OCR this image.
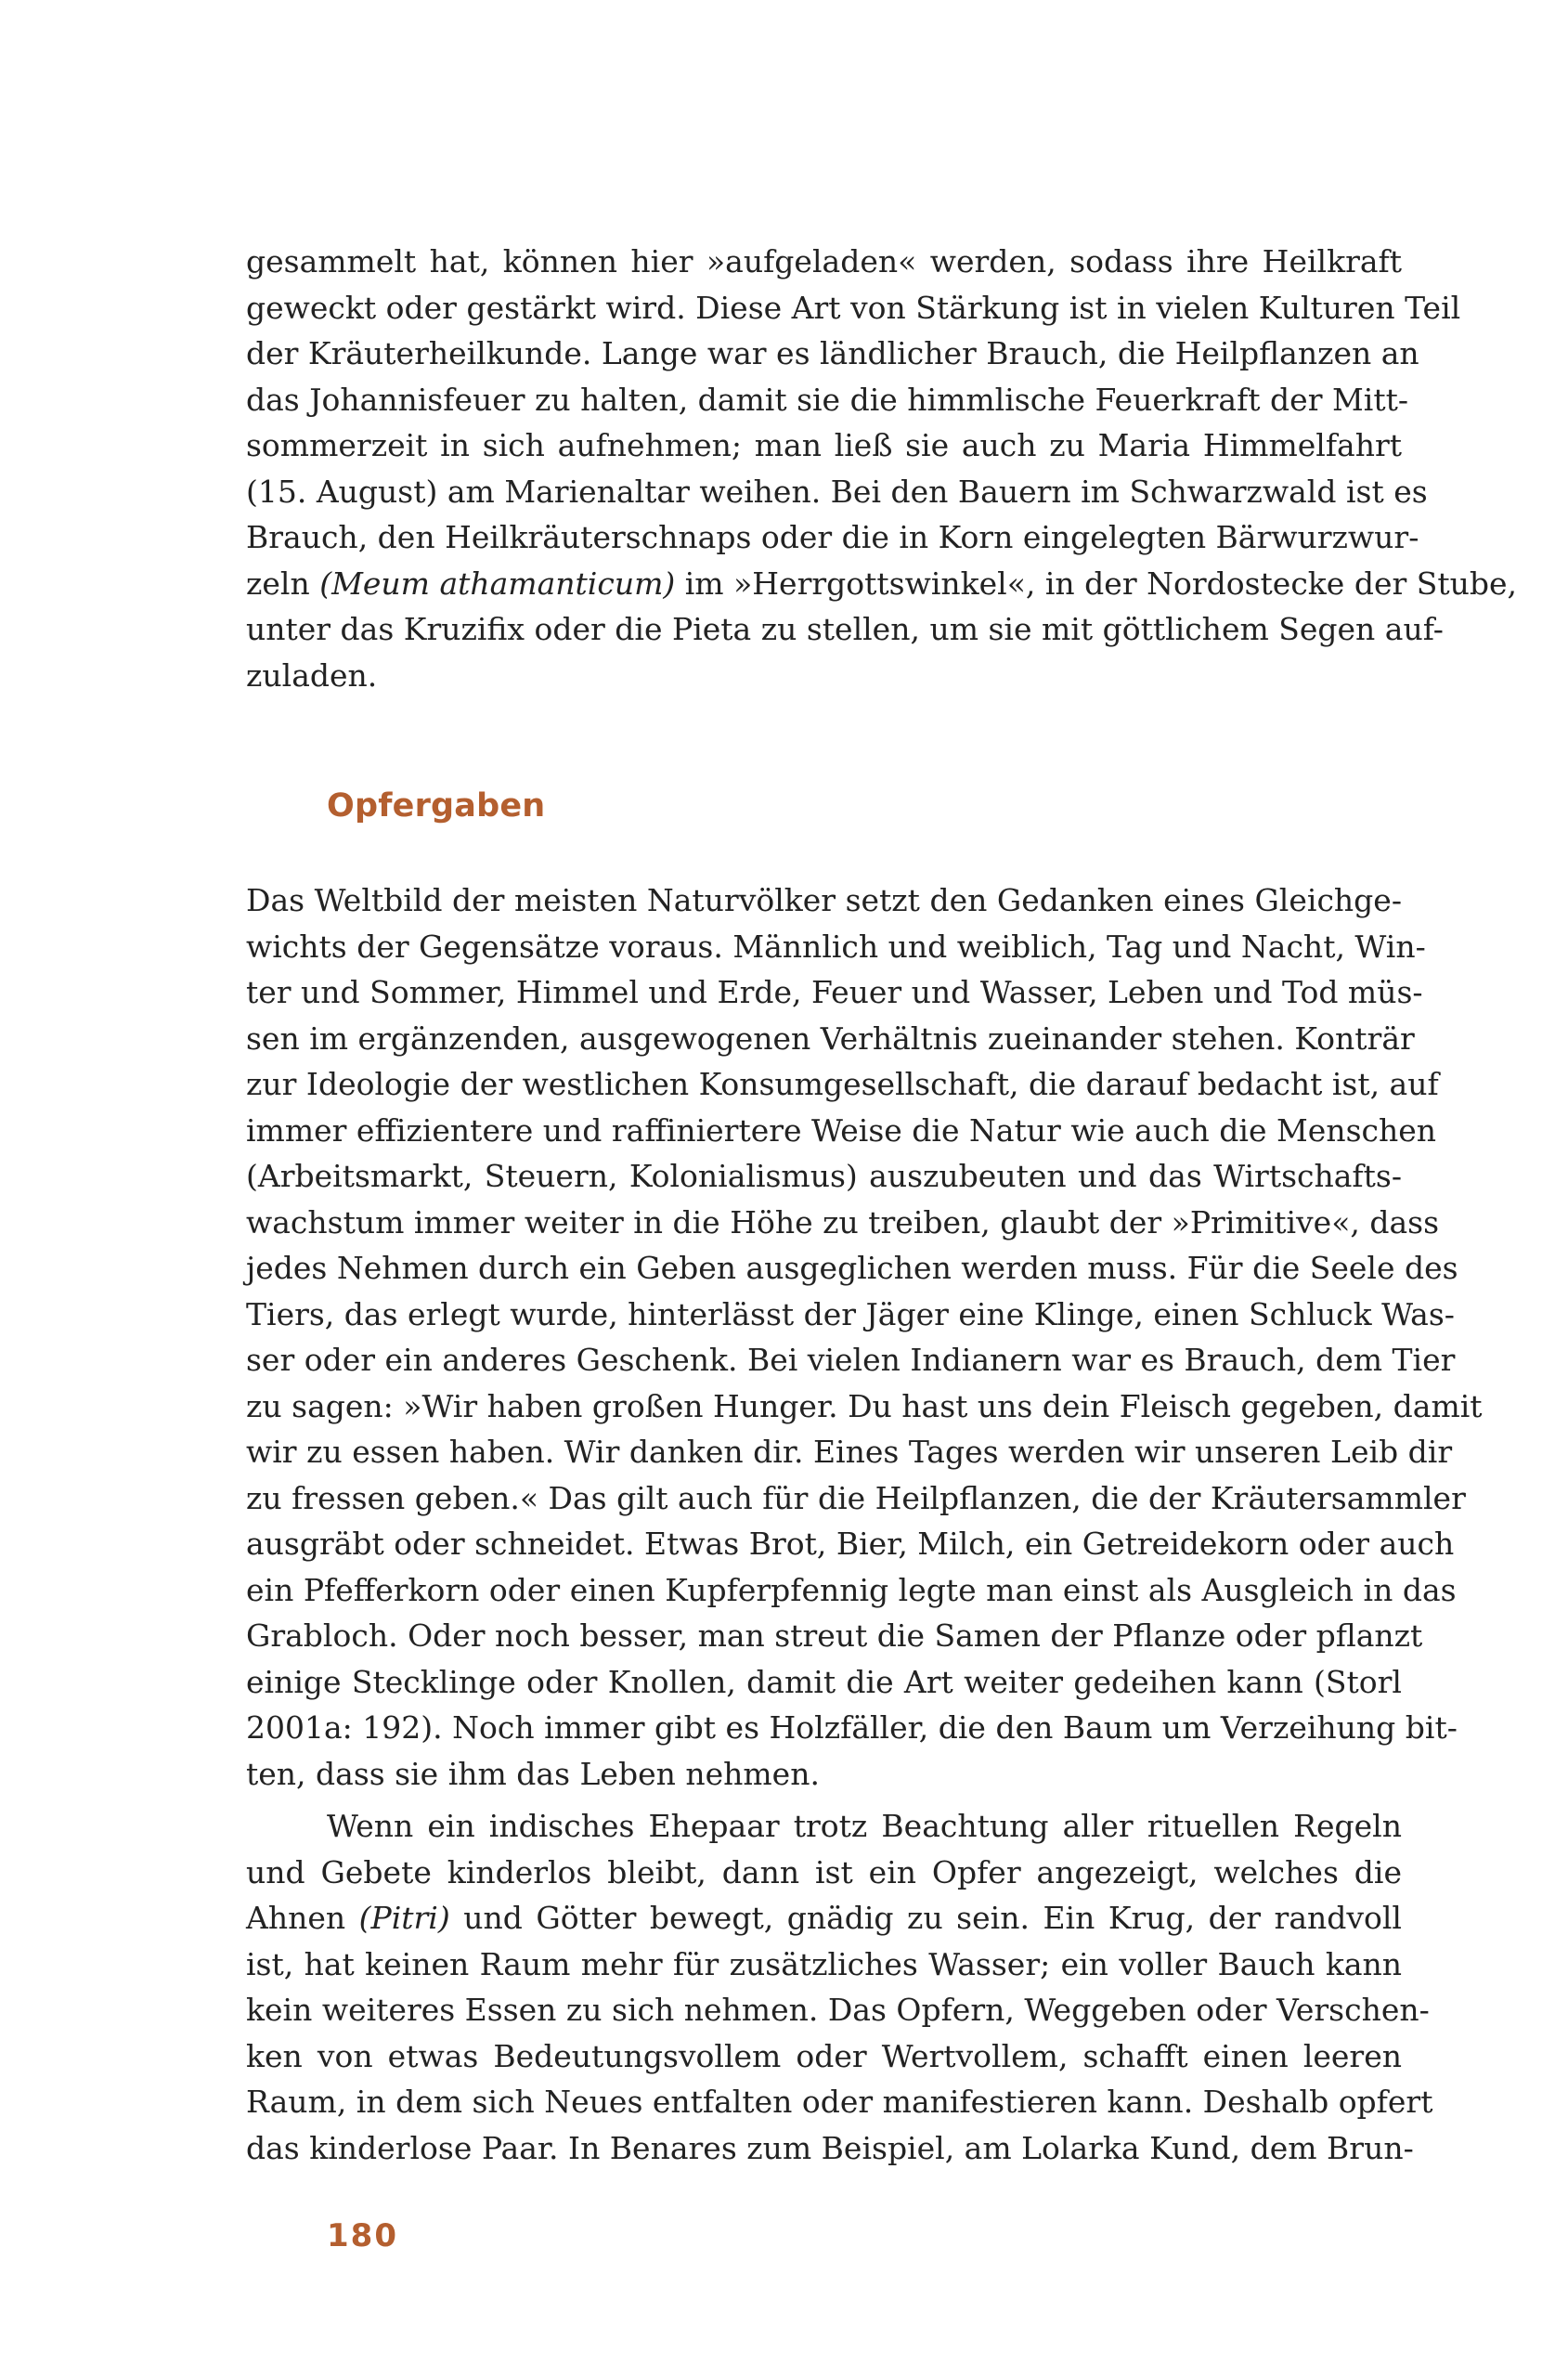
gesammelt hat, können hier »aufgeladen« werden, sodass ihre Heilkraft
geweckt oder gestärkt wird. Diese Art von Stärkung ist in vielen Kulturen Teil
der Kräuterheilkunde. Lange war es ländlicher Brauch, die Heilpflanzen an
das Johannisfeuer zu halten, damit sie die himmlische Feuerkraft der Mitt-
sommerzeit in sich aufnehmen; man ließ sie auch zu Maria Himmelfahrt
(15. August) am Marienaltar weihen. Bei den Bauern im Schwarzwald ist es
Brauch, den Heilkräuterschnaps oder die in Korn eingelegten Bärwurzwur-
zeln (Meum athamanticum) im »Herrgottswinkel«, in der Nordostecke der Stube,
unter das Kruzifix oder die Pieta zu stellen, um sie mit göttlichem Segen auf-
zuladen.
Opfergaben
Das Weltbild der meisten Naturvölker setzt den Gedanken eines Gleichge-
wichts der Gegensätze voraus. Männlich und weiblich, Tag und Nacht, Win-
ter und Sommer, Himmel und Erde, Feuer und Wasser, Leben und Tod müs-
sen im ergänzenden, ausgewogenen Verhältnis zueinander stehen. Konträr
zur Ideologie der westlichen Konsumgesellschaft, die darauf bedacht ist, auf
immer effizientere und raffiniertere Weise die Natur wie auch die Menschen
(Arbeitsmarkt, Steuern, Kolonialismus) auszubeuten und das Wirtschafts-
wachstum immer weiter in die Höhe zu treiben, glaubt der »Primitive«, dass
jedes Nehmen durch ein Geben ausgeglichen werden muss. Für die Seele des
Tiers, das erlegt wurde, hinterlässt der Jäger eine Klinge, einen Schluck Was-
ser oder ein anderes Geschenk. Bei vielen Indianern war es Brauch, dem Tier
zu sagen: »Wir haben großen Hunger. Du hast uns dein Fleisch gegeben, damit
wir zu essen haben. Wir danken dir. Eines Tages werden wir unseren Leib dir
zu fressen geben.« Das gilt auch für die Heilpflanzen, die der Kräutersammler
ausgräbt oder schneidet. Etwas Brot, Bier, Milch, ein Getreidekorn oder auch
ein Pfefferkorn oder einen Kupferpfennig legte man einst als Ausgleich in das
Grabloch. Oder noch besser, man streut die Samen der Pflanze oder pflanzt
einige Stecklinge oder Knollen, damit die Art weiter gedeihen kann (Storl
2001a: 192). Noch immer gibt es Holzfäller, die den Baum um Verzeihung bit-
ten, dass sie ihm das Leben nehmen.
Wenn ein indisches Ehepaar trotz Beachtung aller rituellen Regeln
und Gebete kinderlos bleibt, dann ist ein Opfer angezeigt, welches die
Ahnen (Pitri) und Götter bewegt, gnädig zu sein. Ein Krug, der randvoll
ist, hat keinen Raum mehr für zusätzliches Wasser; ein voller Bauch kann
kein weiteres Essen zu sich nehmen. Das Opfern, Weggeben oder Verschen-
ken von etwas Bedeutungsvollem oder Wertvollem, schafft einen leeren
Raum, in dem sich Neues entfalten oder manifestieren kann. Deshalb opfert
das kinderlose Paar. In Benares zum Beispiel, am Lolarka Kund, dem Brun-
180
